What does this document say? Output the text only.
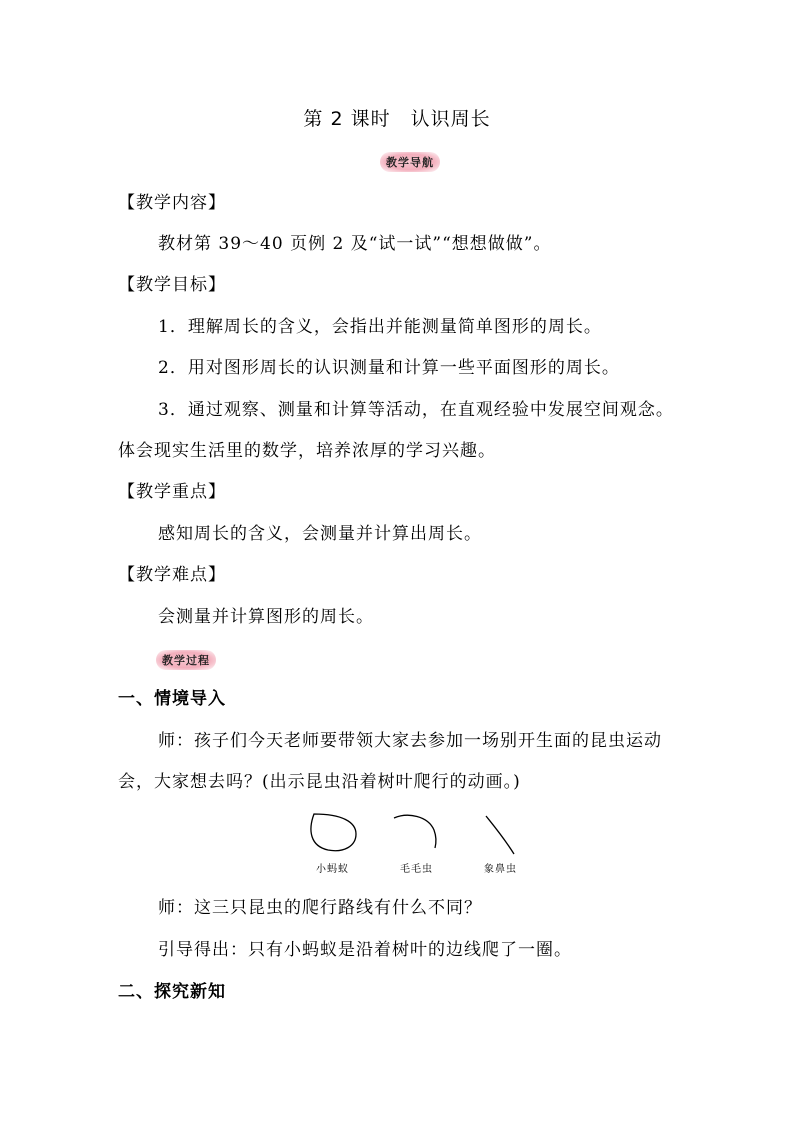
第 2 课时　认识周长
教学导航
【教学内容】
教材第 39～40 页例 2 及“试一试”“想想做做”。
【教学目标】
1．理解周长的含义，会指出并能测量简单图形的周长。
2．用对图形周长的认识测量和计算一些平面图形的周长。
3．通过观察、测量和计算等活动，在直观经验中发展空间观念。
体会现实生活里的数学，培养浓厚的学习兴趣。
【教学重点】
感知周长的含义，会测量并计算出周长。
【教学难点】
会测量并计算图形的周长。
教学过程
一、情境导入
师：孩子们今天老师要带领大家去参加一场别开生面的昆虫运动
会，大家想去吗？(出示昆虫沿着树叶爬行的动画。)
小蚂蚁	毛毛虫	象鼻虫
师：这三只昆虫的爬行路线有什么不同？
引导得出：只有小蚂蚁是沿着树叶的边线爬了一圈。
二、探究新知
